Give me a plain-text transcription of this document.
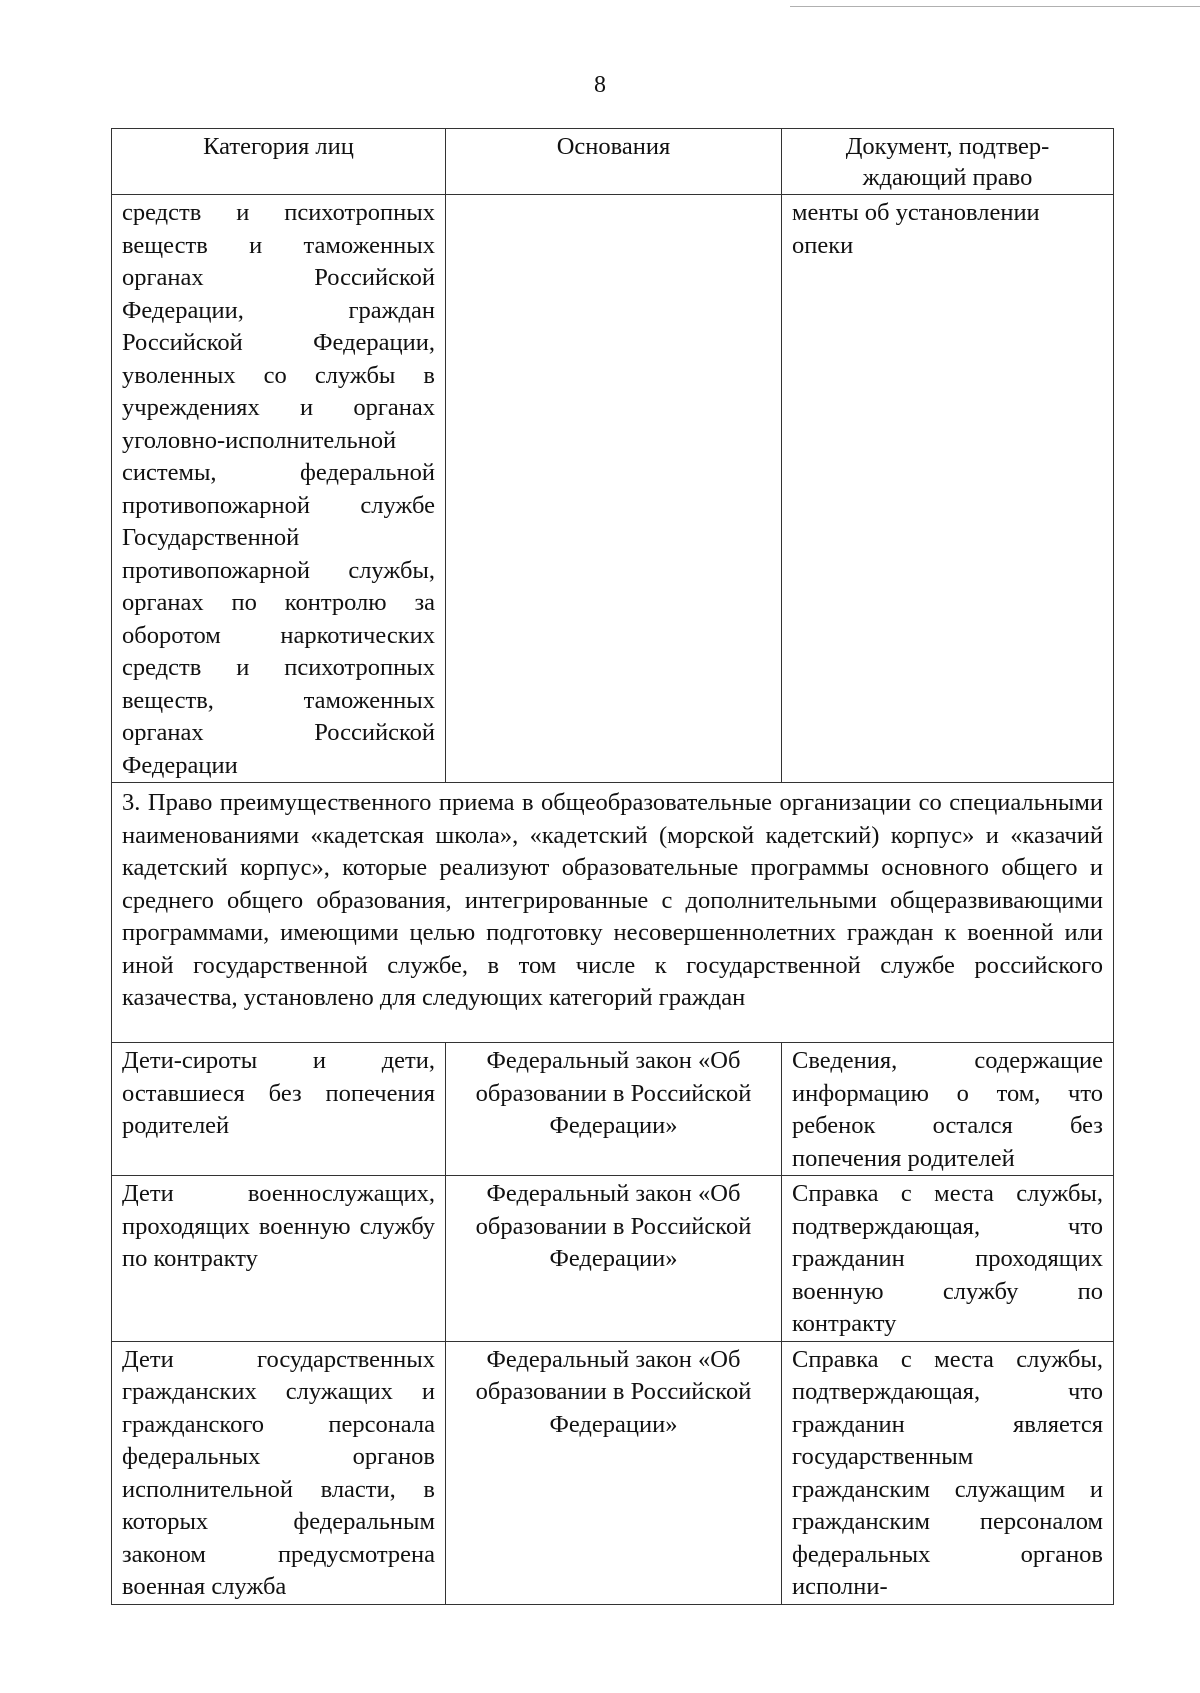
8
Категория лиц	Основания	Документ, подтвер-
ждающий право
средств и психотропных веществ и таможенных органах Российской Федерации, граждан Российской Федерации, уволенных со службы в учреждениях и органах уголовно-исполнительной системы, федеральной противопожарной службе Государственной противопожарной службы, органах по контролю за оборотом наркотических средств и психотропных веществ, таможенных органах Российской Федерации		менты об установлении опеки
3. Право преимущественного приема в общеобразовательные организации со специальными наименованиями «кадетская школа», «кадетский (морской кадетский) корпус» и «казачий кадетский корпус», которые реализуют образовательные программы основного общего и среднего общего образования, интегрированные с дополнительными общеразвивающими программами, имеющими целью подготовку несовершеннолетних граждан к военной или иной государственной службе, в том числе к государственной службе российского казачества, установлено для следующих категорий граждан		
Дети-сироты и дети, оставшиеся без попечения родителей	Федеральный закон «Об образовании в Российской Федерации»	Сведения, содержащие информацию о том, что ребенок остался без попечения родителей
Дети военнослужащих, проходящих военную службу по контракту	Федеральный закон «Об образовании в Российской Федерации»	Справка с места службы, подтверждающая, что гражданин проходящих военную службу по контракту
Дети государственных гражданских служащих и гражданского персонала федеральных органов исполнительной власти, в которых федеральным законом предусмотрена военная служба	Федеральный закон «Об образовании в Российской Федерации»	Справка с места службы, подтверждающая, что гражданин является государственным гражданским служащим и гражданским персоналом федеральных органов исполни-
